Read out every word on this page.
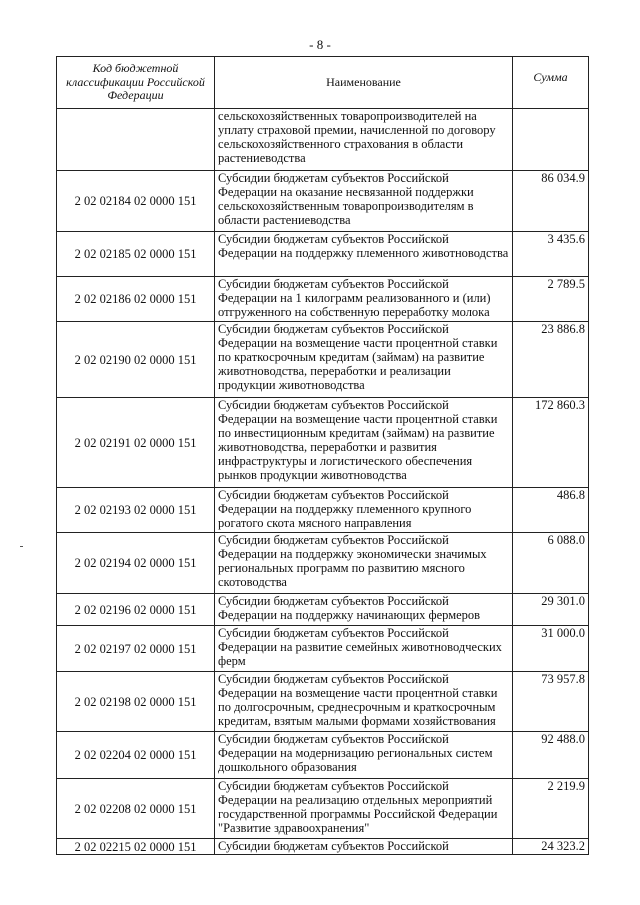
- 8 -
Код бюджетной классификации Российской Федерации	Наименование	Сумма
	сельскохозяйственных товаропроизводителей на уплату страховой премии, начисленной по договору сельскохозяйственного страхования в области растениеводства	
2 02 02184 02 0000 151	Субсидии бюджетам субъектов Российской Федерации на оказание несвязанной поддержки сельскохозяйственным товаропроизводителям в области растениеводства	86 034.9
2 02 02185 02 0000 151	Субсидии бюджетам субъектов Российской Федерации на поддержку племенного животноводства	3 435.6
2 02 02186 02 0000 151	Субсидии бюджетам субъектов Российской Федерации на 1 килограмм реализованного и (или) отгруженного на собственную переработку молока	2 789.5
2 02 02190 02 0000 151	Субсидии бюджетам субъектов Российской Федерации на возмещение части процентной ставки по краткосрочным кредитам (займам) на развитие животноводства, переработки и реализации продукции животноводства	23 886.8
2 02 02191 02 0000 151	Субсидии бюджетам субъектов Российской Федерации на возмещение части процентной ставки по инвестиционным кредитам (займам) на развитие животноводства, переработки и развития инфраструктуры и логистического обеспечения рынков продукции животноводства	172 860.3
2 02 02193 02 0000 151	Субсидии бюджетам субъектов Российской Федерации на поддержку племенного крупного рогатого скота мясного направления	486.8
2 02 02194 02 0000 151	Субсидии бюджетам субъектов Российской Федерации на поддержку экономически значимых региональных программ по развитию мясного скотоводства	6 088.0
2 02 02196 02 0000 151	Субсидии бюджетам субъектов Российской Федерации на поддержку начинающих фермеров	29 301.0
2 02 02197 02 0000 151	Субсидии бюджетам субъектов Российской Федерации на развитие семейных животноводческих ферм	31 000.0
2 02 02198 02 0000 151	Субсидии бюджетам субъектов Российской Федерации на возмещение части процентной ставки по долгосрочным, среднесрочным и краткосрочным кредитам, взятым малыми формами хозяйствования	73 957.8
2 02 02204 02 0000 151	Субсидии бюджетам субъектов Российской Федерации на модернизацию региональных систем дошкольного образования	92 488.0
2 02 02208 02 0000 151	Субсидии бюджетам субъектов Российской Федерации на реализацию отдельных мероприятий государственной программы Российской Федерации "Развитие здравоохранения"	2 219.9
2 02 02215 02 0000 151	Субсидии бюджетам субъектов Российской	24 323.2
